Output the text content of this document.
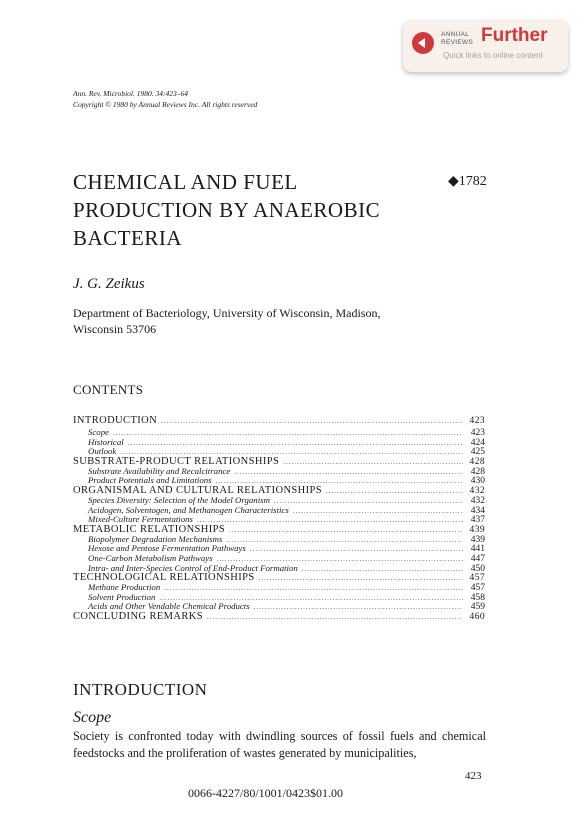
ANNUAL
REVIEWS Further
Quick links to online content
Ann. Rev. Microbiol. 1980. 34:423–64
Copyright © 1980 by Annual Reviews Inc. All rights reserved
CHEMICAL AND FUEL
PRODUCTION BY ANAEROBIC
BACTERIA
◆1782
J. G. Zeikus
Department of Bacteriology, University of Wisconsin, Madison,
Wisconsin 53706
CONTENTS
INTRODUCTION .....	423
Scope .....	423
Historical .....	424
Outlook .....	425
SUBSTRATE-PRODUCT RELATIONSHIPS .....	428
Substrate Availability and Recalcitrance .....	428
Product Potentials and Limitations .....	430
ORGANISMAL AND CULTURAL RELATIONSHIPS .....	432
Species Diversity: Selection of the Model Organism .....	432
Acidogen, Solventogen, and Methanogen Characteristics .....	434
Mixed-Culture Fermentations .....	437
METABOLIC RELATIONSHIPS .....	439
Biopolymer Degradation Mechanisms .....	439
Hexose and Pentose Fermentation Pathways .....	441
One-Carbon Metabolism Pathways .....	447
Intra- and Inter-Species Control of End-Product Formation .....	450
TECHNOLOGICAL RELATIONSHIPS .....	457
Methane Production .....	457
Solvent Production .....	458
Acids and Other Vendable Chemical Products .....	459
CONCLUDING REMARKS .....	460
INTRODUCTION
Scope
Society is confronted today with dwindling sources of fossil fuels and chemical feedstocks and the proliferation of wastes generated by municipalities,
423
0066-4227/80/1001/0423$01.00
